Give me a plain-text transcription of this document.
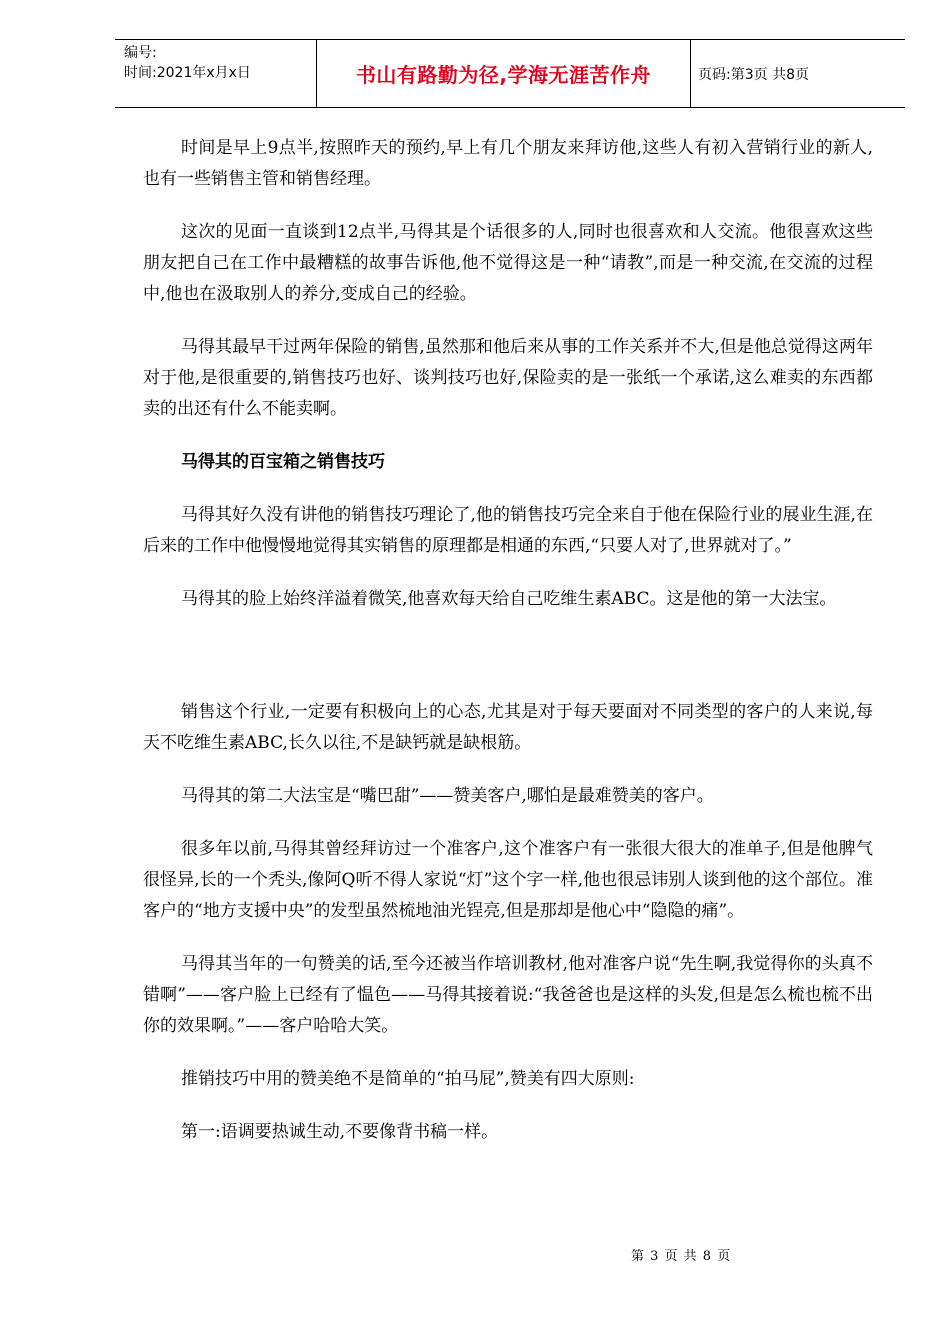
编号:
时间:2021年x月x日	书山有路勤为径,学海无涯苦作舟	页码:第3页 共8页

时间是早上9点半,按照昨天的预约,早上有几个朋友来拜访他,这些人有初入营销行业的新人,也有一些销售主管和销售经理。

这次的见面一直谈到12点半,马得其是个话很多的人,同时也很喜欢和人交流。他很喜欢这些朋友把自己在工作中最糟糕的故事告诉他,他不觉得这是一种“请教”,而是一种交流,在交流的过程中,他也在汲取别人的养分,变成自己的经验。

马得其最早干过两年保险的销售,虽然那和他后来从事的工作关系并不大,但是他总觉得这两年对于他,是很重要的,销售技巧也好、谈判技巧也好,保险卖的是一张纸一个承诺,这么难卖的东西都卖的出还有什么不能卖啊。

马得其的百宝箱之销售技巧

马得其好久没有讲他的销售技巧理论了,他的销售技巧完全来自于他在保险行业的展业生涯,在后来的工作中他慢慢地觉得其实销售的原理都是相通的东西,“只要人对了,世界就对了。”

马得其的脸上始终洋溢着微笑,他喜欢每天给自己吃维生素ABC。这是他的第一大法宝。

销售这个行业,一定要有积极向上的心态,尤其是对于每天要面对不同类型的客户的人来说,每天不吃维生素ABC,长久以往,不是缺钙就是缺根筋。

马得其的第二大法宝是“嘴巴甜”——赞美客户,哪怕是最难赞美的客户。

很多年以前,马得其曾经拜访过一个准客户,这个准客户有一张很大很大的准单子,但是他脾气很怪异,长的一个秃头,像阿Q听不得人家说“灯”这个字一样,他也很忌讳别人谈到他的这个部位。准客户的“地方支援中央”的发型虽然梳地油光锃亮,但是那却是他心中“隐隐的痛”。

马得其当年的一句赞美的话,至今还被当作培训教材,他对准客户说“先生啊,我觉得你的头真不错啊”——客户脸上已经有了愠色——马得其接着说:“我爸爸也是这样的头发,但是怎么梳也梳不出你的效果啊。”——客户哈哈大笑。

推销技巧中用的赞美绝不是简单的“拍马屁”,赞美有四大原则:

第一:语调要热诚生动,不要像背书稿一样。

第 3 页 共 8 页
